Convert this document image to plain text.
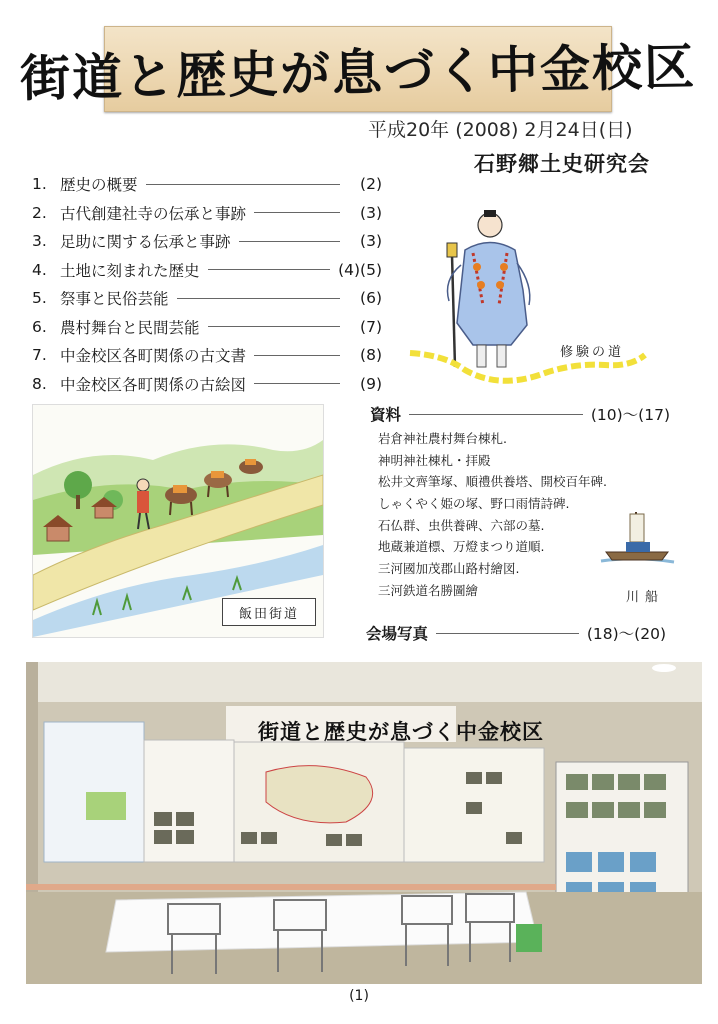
街道と歴史が息づく中金校区
平成20年 (2008) 2月24日(日)
石野郷土史研究会
1. 歴史の概要	(2)
2. 古代創建社寺の伝承と事跡	(3)
3. 足助に関する伝承と事跡	(3)
4. 土地に刻まれた歴史	(4)(5)
5. 祭事と民俗芸能	(6)
6. 農村舞台と民間芸能	(7)
7. 中金校区各町関係の古文書	(8)
8. 中金校区各町関係の古絵図	(9)
修験の道
飯田街道
資料	(10)～(17)
岩倉神社農村舞台棟札.
神明神社棟札・拝殿
松井文齊筆塚、順禮供養塔、開校百年碑.
しゃくやく姫の塚、野口雨情詩碑.
石仏群、虫供養碑、六部の墓.
地蔵兼道標、万燈まつり道順.
三河國加茂郡山路村繪図.
三河鉄道名勝圖繪	川船
会場写真	(18)～(20)
街道と歴史が息づく中金校区
(1)
